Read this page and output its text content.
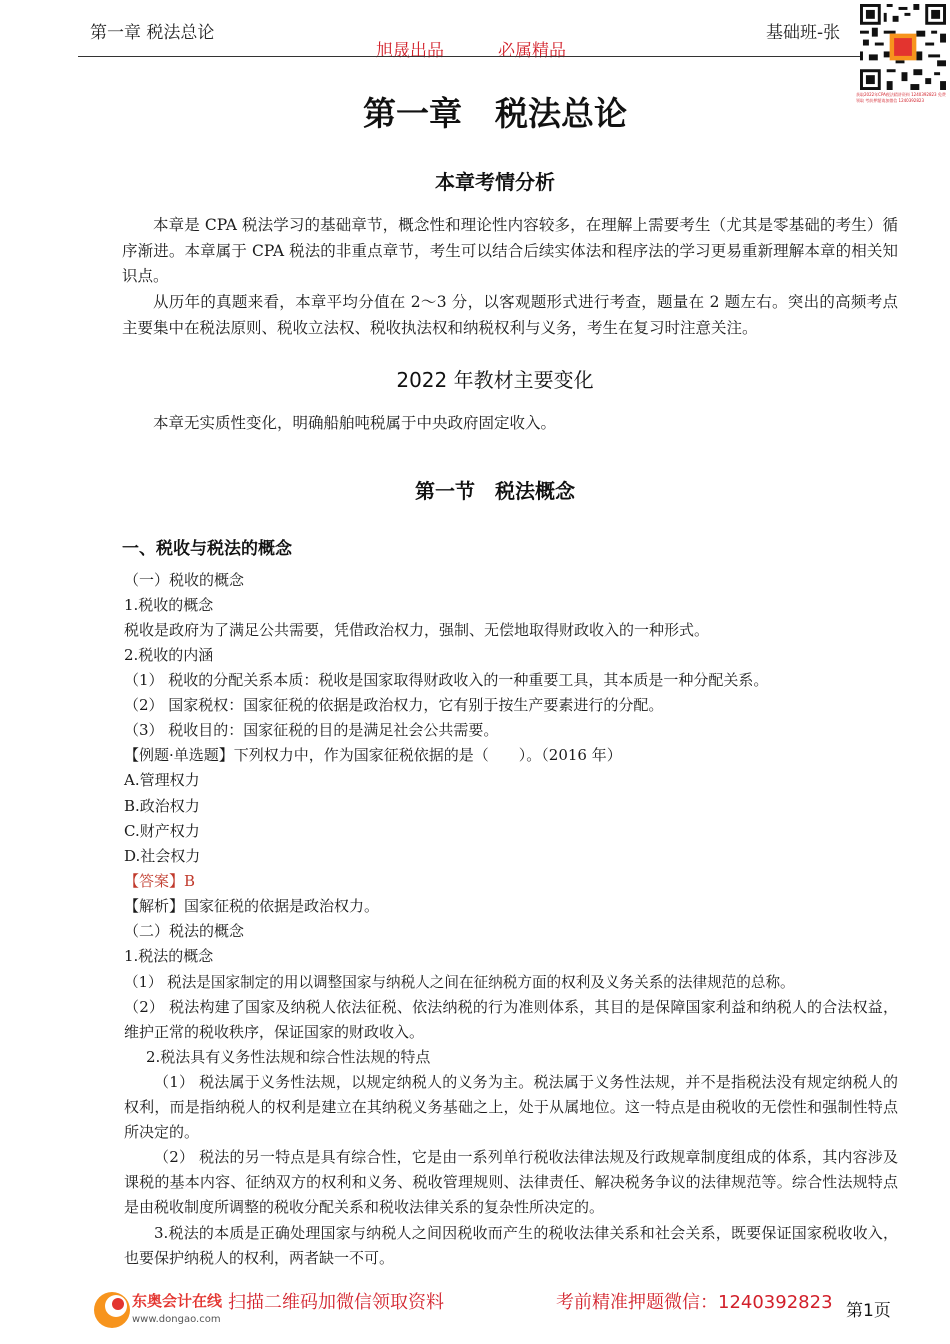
第一章 税法总论
旭晟出品	必属精品
基础班-张
获取2022年CPA税法精讲资料 1240392823 免费领取 考前押题请加微信 1240392823
第一章　税法总论
本章考情分析
本章是 CPA 税法学习的基础章节，概念性和理论性内容较多，在理解上需要考生（尤其是零基础的考生）循序渐进。本章属于 CPA 税法的非重点章节，考生可以结合后续实体法和程序法的学习更易重新理解本章的相关知识点。
从历年的真题来看，本章平均分值在 2～3 分，以客观题形式进行考查，题量在 2 题左右。突出的高频考点主要集中在税法原则、税收立法权、税收执法权和纳税权利与义务，考生在复习时注意关注。
2022 年教材主要变化
本章无实质性变化，明确船舶吨税属于中央政府固定收入。
第一节　税法概念
一、税收与税法的概念
（一）税收的概念
1.税收的概念
税收是政府为了满足公共需要，凭借政治权力，强制、无偿地取得财政收入的一种形式。
2.税收的内涵
（1） 税收的分配关系本质：税收是国家取得财政收入的一种重要工具，其本质是一种分配关系。
（2） 国家税权：国家征税的依据是政治权力，它有别于按生产要素进行的分配。
（3） 税收目的：国家征税的目的是满足社会公共需要。
【例题·单选题】下列权力中，作为国家征税依据的是（　　）。（2016 年）
A.管理权力
B.政治权力
C.财产权力
D.社会权力
【答案】B
【解析】国家征税的依据是政治权力。
（二）税法的概念
1.税法的概念
（1） 税法是国家制定的用以调整国家与纳税人之间在征纳税方面的权利及义务关系的法律规范的总称。
（2） 税法构建了国家及纳税人依法征税、依法纳税的行为准则体系，其目的是保障国家利益和纳税人的合法权益，维护正常的税收秩序，保证国家的财政收入。
2.税法具有义务性法规和综合性法规的特点
（1） 税法属于义务性法规，以规定纳税人的义务为主。税法属于义务性法规，并不是指税法没有规定纳税人的权利，而是指纳税人的权利是建立在其纳税义务基础之上，处于从属地位。这一特点是由税收的无偿性和强制性特点所决定的。
（2） 税法的另一特点是具有综合性，它是由一系列单行税收法律法规及行政规章制度组成的体系，其内容涉及课税的基本内容、征纳双方的权利和义务、税收管理规则、法律责任、解决税务争议的法律规范等。综合性法规特点是由税收制度所调整的税收分配关系和税收法律关系的复杂性所决定的。
3.税法的本质是正确处理国家与纳税人之间因税收而产生的税收法律关系和社会关系，既要保证国家税收收入，也要保护纳税人的权利，两者缺一不可。
东奥会计在线
www.dongao.com
扫描二维码加微信领取资料	考前精准押题微信：1240392823 第1页
